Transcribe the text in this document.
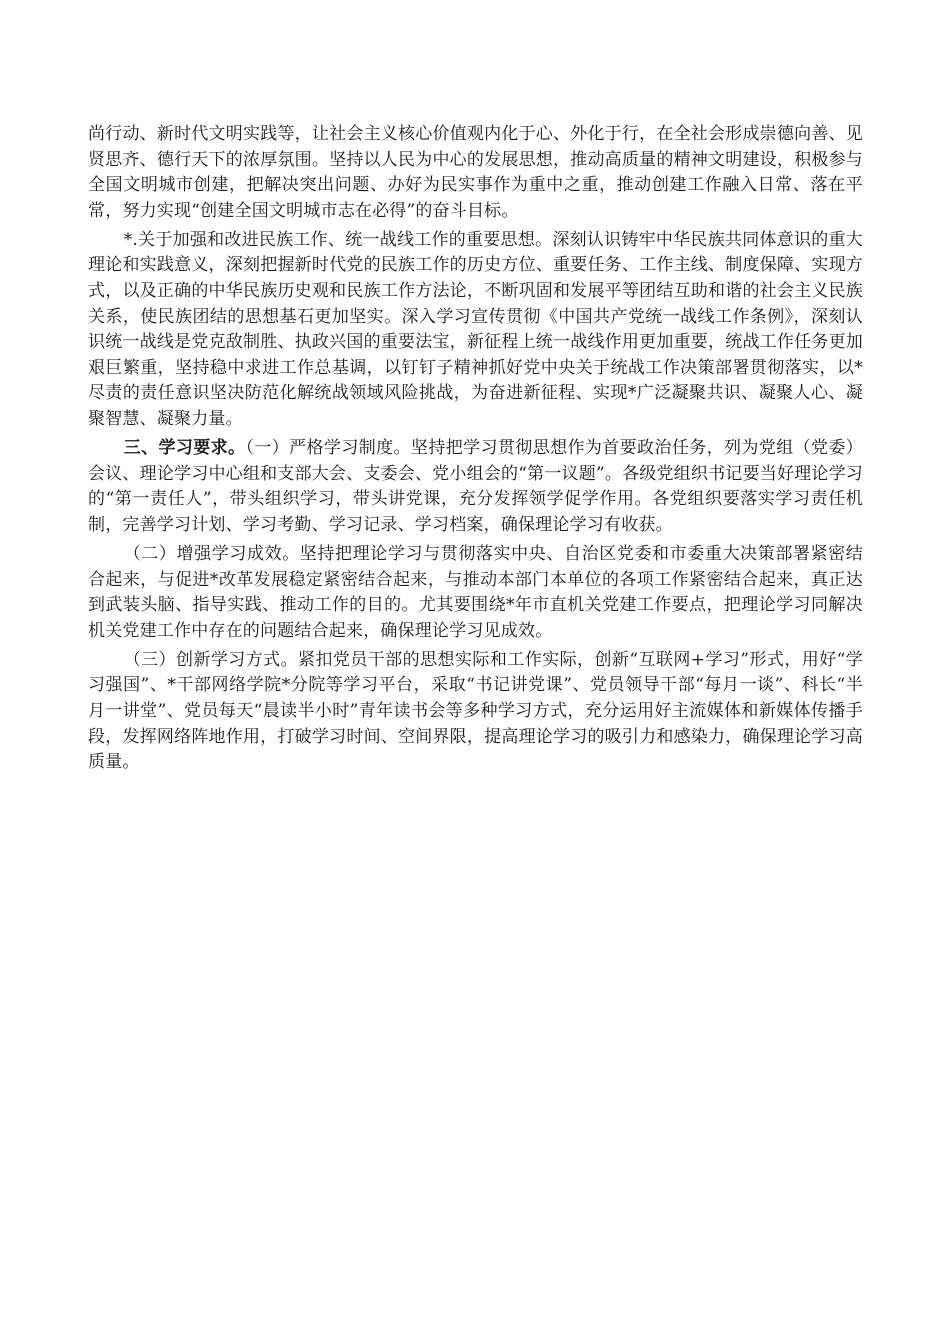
尚行动、新时代文明实践等，让社会主义核心价值观内化于心、外化于行，在全社会形成崇德向善、见贤思齐、德行天下的浓厚氛围。坚持以人民为中心的发展思想，推动高质量的精神文明建设，积极参与全国文明城市创建，把解决突出问题、办好为民实事作为重中之重，推动创建工作融入日常、落在平常，努力实现“创建全国文明城市志在必得”的奋斗目标。

*.关于加强和改进民族工作、统一战线工作的重要思想。深刻认识铸牢中华民族共同体意识的重大理论和实践意义，深刻把握新时代党的民族工作的历史方位、重要任务、工作主线、制度保障、实现方式，以及正确的中华民族历史观和民族工作方法论，不断巩固和发展平等团结互助和谐的社会主义民族关系，使民族团结的思想基石更加坚实。深入学习宣传贯彻《中国共产党统一战线工作条例》，深刻认识统一战线是党克敌制胜、执政兴国的重要法宝，新征程上统一战线作用更加重要，统战工作任务更加艰巨繁重，坚持稳中求进工作总基调，以钉钉子精神抓好党中央关于统战工作决策部署贯彻落实，以*尽责的责任意识坚决防范化解统战领域风险挑战，为奋进新征程、实现*广泛凝聚共识、凝聚人心、凝聚智慧、凝聚力量。

三、学习要求。（一）严格学习制度。坚持把学习贯彻思想作为首要政治任务，列为党组（党委）会议、理论学习中心组和支部大会、支委会、党小组会的“第一议题”。各级党组织书记要当好理论学习的“第一责任人”，带头组织学习，带头讲党课，充分发挥领学促学作用。各党组织要落实学习责任机制，完善学习计划、学习考勤、学习记录、学习档案，确保理论学习有收获。

（二）增强学习成效。坚持把理论学习与贯彻落实中央、自治区党委和市委重大决策部署紧密结合起来，与促进*改革发展稳定紧密结合起来，与推动本部门本单位的各项工作紧密结合起来，真正达到武装头脑、指导实践、推动工作的目的。尤其要围绕*年市直机关党建工作要点，把理论学习同解决机关党建工作中存在的问题结合起来，确保理论学习见成效。

（三）创新学习方式。紧扣党员干部的思想实际和工作实际，创新“互联网+学习”形式，用好“学习强国”、*干部网络学院*分院等学习平台，采取“书记讲党课”、党员领导干部“每月一谈”、科长“半月一讲堂”、党员每天“晨读半小时”青年读书会等多种学习方式，充分运用好主流媒体和新媒体传播手段，发挥网络阵地作用，打破学习时间、空间界限，提高理论学习的吸引力和感染力，确保理论学习高质量。
